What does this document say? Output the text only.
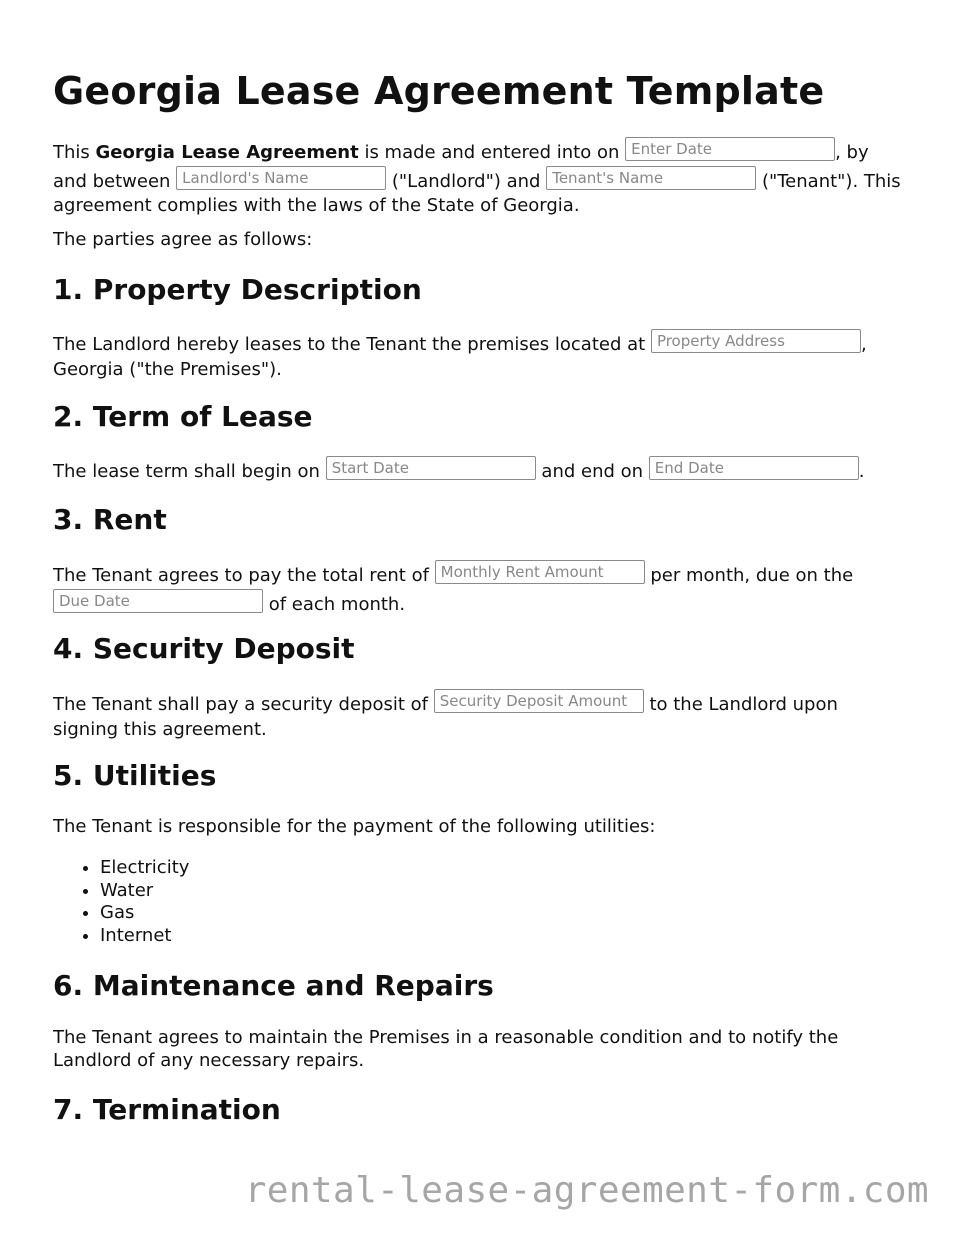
Georgia Lease Agreement Template

This Georgia Lease Agreement is made and entered into on Enter Date	, by and between Landlord's Name	("Landlord") and Tenant's Name	("Tenant"). This agreement complies with the laws of the State of Georgia.

The parties agree as follows:

1. Property Description

The Landlord hereby leases to the Tenant the premises located at Property Address	, Georgia ("the Premises").

2. Term of Lease

The lease term shall begin on Start Date	and end on End Date	.

3. Rent

The Tenant agrees to pay the total rent of Monthly Rent Amount per month, due on the Due Date	of each month.

4. Security Deposit

The Tenant shall pay a security deposit of Security Deposit Amount to the Landlord upon signing this agreement.

5. Utilities

The Tenant is responsible for the payment of the following utilities:

• Electricity
• Water
• Gas
• Internet
6. Maintenance and Repairs

The Tenant agrees to maintain the Premises in a reasonable condition and to notify the Landlord of any necessary repairs.

7. Termination
rental-lease-agreement-form.com
